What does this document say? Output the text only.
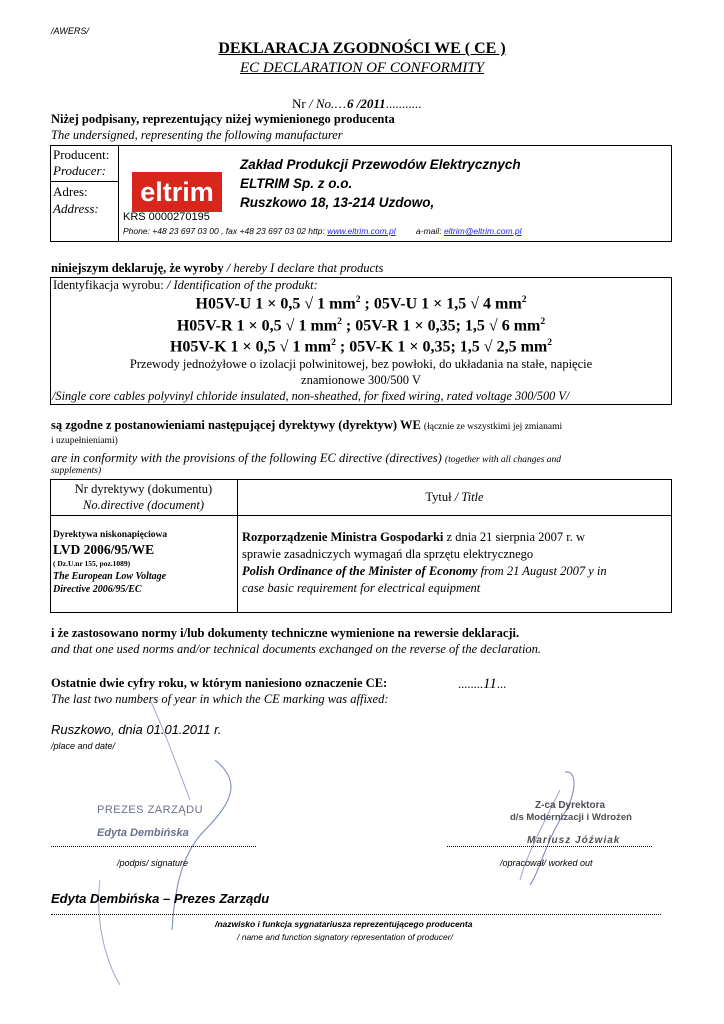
/AWERS/
DEKLARACJA ZGODNOŚCI WE ( CE )
EC DECLARATION OF CONFORMITY
Nr / No....6 /2011...........
Niżej podpisany, reprezentujący niżej wymienionego producenta
The undersigned, representing the following manufacturer
Producent:
Producer:
Adres:
Address:
eltrim
Zakład Produkcji Przewodów Elektrycznych
ELTRIM Sp. z o.o.
Ruszkowo 18, 13-214 Uzdowo,
KRS 0000270195
Phone: +48 23 697 03 00 , fax +48 23 697 03 02 http: www.eltrim.com.pl a-mail: eltrim@eltrim.com.pl
niniejszym deklaruję, że wyroby / hereby I declare that products
Identyfikacja wyrobu: / Identification of the produkt:
H05V-U 1 × 0,5 √ 1 $mm^2$ ; 05V-U 1 × 1,5 √ 4 $mm^2$
H05V-R 1 × 0,5 √ 1 $mm^2$ ; 05V-R 1 × 0,35; 1,5 √ 6 $mm^2$
H05V-K 1 × 0,5 √ 1 $mm^2$ ; 05V-K 1 × 0,35; 1,5 √ 2,5 $mm^2$
Przewody jednożyłowe o izolacji polwinitowej, bez powłoki, do układania na stałe, napięcie
znamionowe 300/500 V
/Single core cables polyvinyl chloride insulated, non-sheathed, for fixed wiring, rated voltage 300/500 V/
są zgodne z postanowieniami następującej dyrektywy (dyrektyw) WE (łącznie ze wszystkimi jej zmianami
i uzupełnieniami)
are in conformity with the provisions of the following EC directive (directives) (together with all changes and
supplements)
Nr dyrektywy (dokumentu)
No.directive (document)
Tytuł / Title
Dyrektywa niskonapięciowa
LVD 2006/95/WE
( Dz.U.nr 155, poz.1089)
The European Low Voltage
Directive 2006/95/EC
Rozporządzenie Ministra Gospodarki z dnia 21 sierpnia 2007 r. w
sprawie zasadniczych wymagań dla sprzętu elektrycznego
Polish Ordinance of the Minister of Economy from 21 August 2007 y in
case basic requirement for electrical equipment
i że zastosowano normy i/lub dokumenty techniczne wymienione na rewersie deklaracji.
and that one used norms and/or technical documents exchanged on the reverse of the declaration.
Ostatnie dwie cyfry roku, w którym naniesiono oznaczenie CE:	........11...
The last two numbers of year in which the CE marking was affixed:
Ruszkowo, dnia 01.01.2011 r.
/place and date/
PREZES ZARZĄDU
Edyta Dembińska
Z-ca Dyrektora
d/s Modernizacji i Wdrożeń
Mariusz Jóźwiak
/podpis/ signature	/opracował/ worked out
Edyta Dembińska – Prezes Zarządu
/nazwisko i funkcja sygnatariusza reprezentującego producenta
/ name and function signatory representation of producer/
